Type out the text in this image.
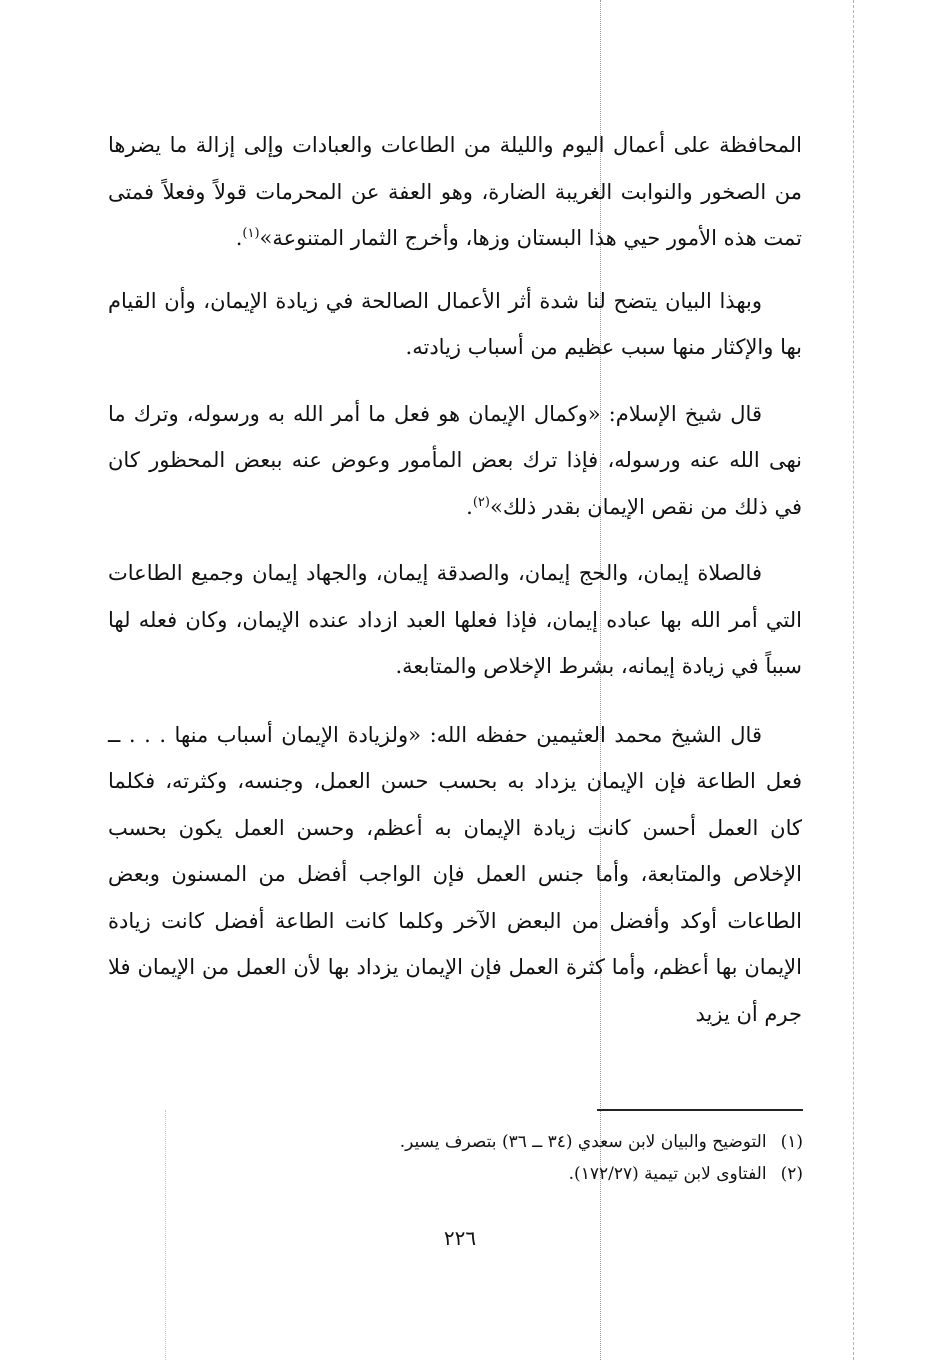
المحافظة على أعمال اليوم والليلة من الطاعات والعبادات وإلى إزالة ما يضرها من الصخور والنوابت الغريبة الضارة، وهو العفة عن المحرمات قولاً وفعلاً فمتى تمت هذه الأمور حيي هذا البستان وزها، وأخرج الثمار المتنوعة»$^{(١)}$.

وبهذا البيان يتضح لنا شدة أثر الأعمال الصالحة في زيادة الإيمان، وأن القيام بها والإكثار منها سبب عظيم من أسباب زيادته.

قال شيخ الإسلام: «وكمال الإيمان هو فعل ما أمر الله به ورسوله، وترك ما نهى الله عنه ورسوله، فإذا ترك بعض المأمور وعوض عنه ببعض المحظور كان في ذلك من نقص الإيمان بقدر ذلك»$^{(٢)}$.

فالصلاة إيمان، والحج إيمان، والصدقة إيمان، والجهاد إيمان وجميع الطاعات التي أمر الله بها عباده إيمان، فإذا فعلها العبد ازداد عنده الإيمان، وكان فعله لها سبباً في زيادة إيمانه، بشرط الإخلاص والمتابعة.

قال الشيخ محمد العثيمين حفظه الله: «ولزيادة الإيمان أسباب منها . . . ــ فعل الطاعة فإن الإيمان يزداد به بحسب حسن العمل، وجنسه، وكثرته، فكلما كان العمل أحسن كانت زيادة الإيمان به أعظم، وحسن العمل يكون بحسب الإخلاص والمتابعة، وأما جنس العمل فإن الواجب أفضل من المسنون وبعض الطاعات أوكد وأفضل من البعض الآخر وكلما كانت الطاعة أفضل كانت زيادة الإيمان بها أعظم، وأما كثرة العمل فإن الإيمان يزداد بها لأن العمل من الإيمان فلا جرم أن يزيد

(١)
التوضيح والبيان لابن سعدي (٣٤ ــ ٣٦) بتصرف يسير.
(٢)
الفتاوى لابن تيمية (١٧٢/٢٧).
٢٢٦
